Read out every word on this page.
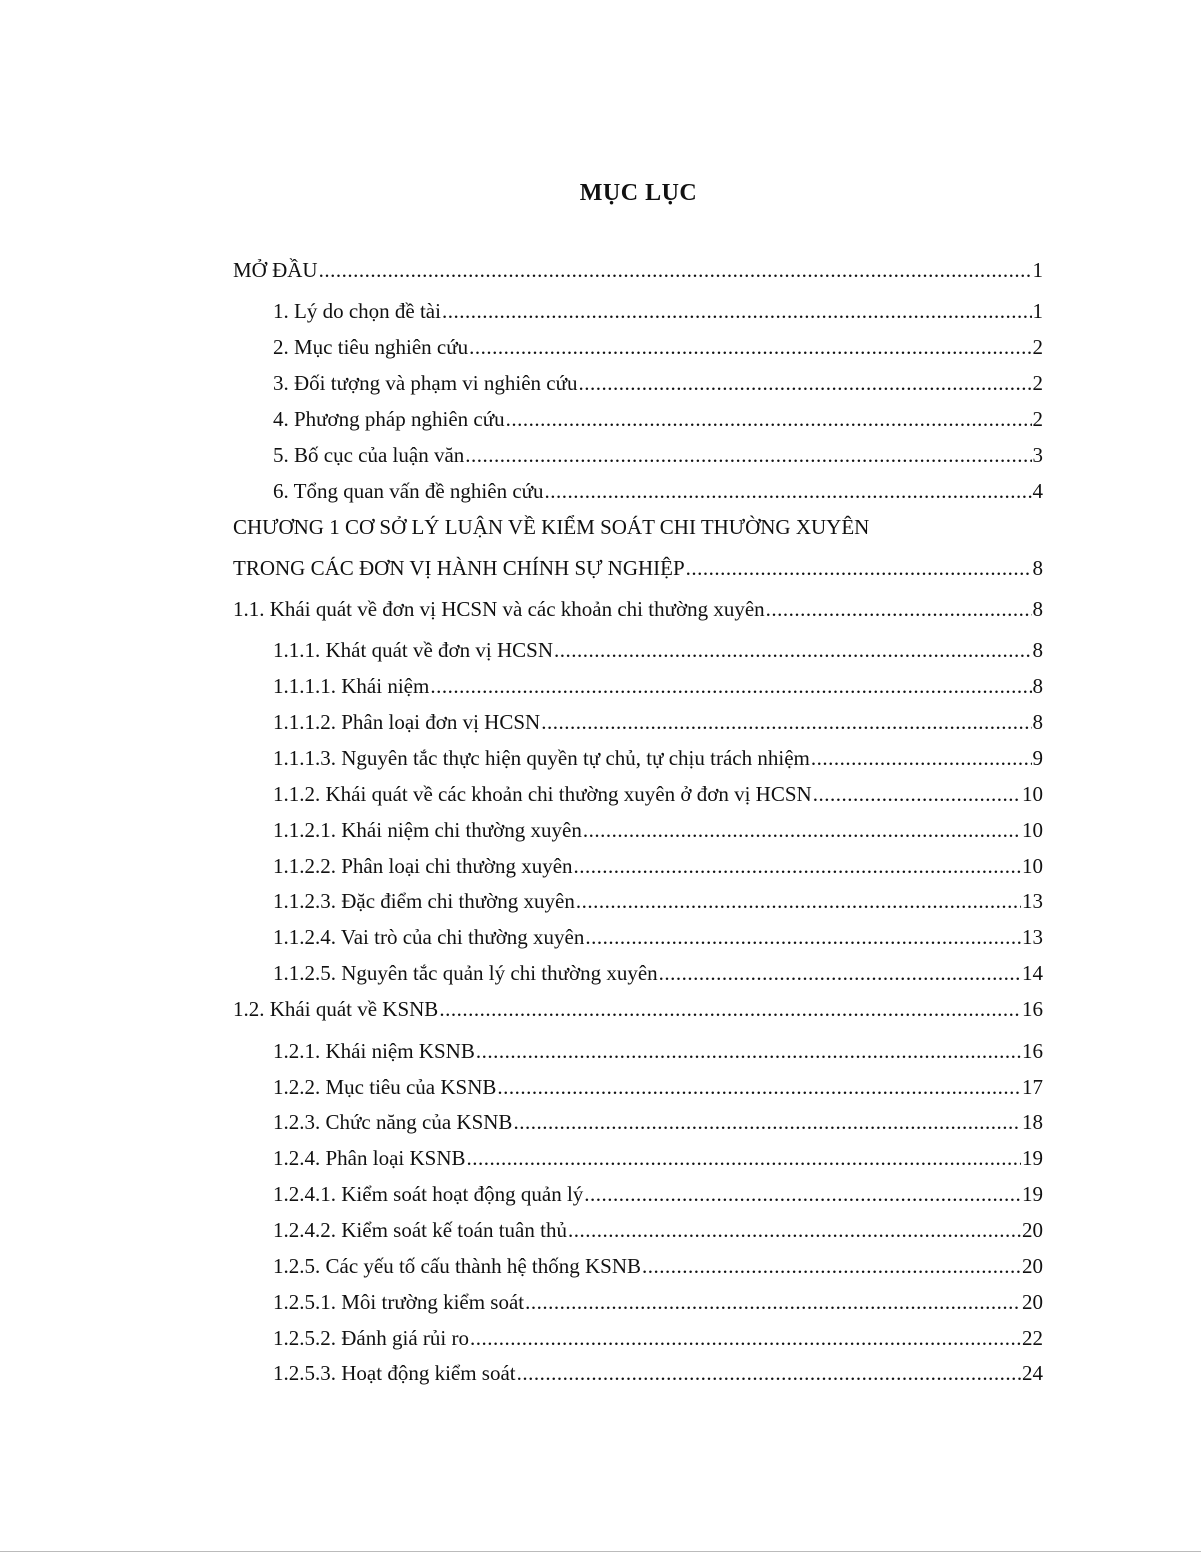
MỤC LỤC
MỞ ĐẦU .....	1
1. Lý do chọn đề tài .....	1
2. Mục tiêu nghiên cứu .....	2
3. Đối tượng và phạm vi nghiên cứu .....	2
4. Phương pháp nghiên cứu .....	2
5. Bố cục của luận văn .....	3
6. Tổng quan vấn đề nghiên cứu .....	4
CHƯƠNG 1 CƠ SỞ LÝ LUẬN VỀ KIỂM SOÁT CHI THƯỜNG XUYÊN
TRONG CÁC ĐƠN VỊ HÀNH CHÍNH SỰ NGHIỆP .....	8
1.1. Khái quát về đơn vị HCSN và các khoản chi thường xuyên .....	8
1.1.1. Khát quát về đơn vị HCSN .....	8
1.1.1.1. Khái niệm .....	8
1.1.1.2. Phân loại đơn vị HCSN .....	8
1.1.1.3. Nguyên tắc thực hiện quyền tự chủ, tự chịu trách nhiệm .....	9
1.1.2. Khái quát về các khoản chi thường xuyên ở đơn vị HCSN .....	10
1.1.2.1. Khái niệm chi thường xuyên .....	10
1.1.2.2. Phân loại chi thường xuyên .....	10
1.1.2.3. Đặc điểm chi thường xuyên .....	13
1.1.2.4. Vai trò của chi thường xuyên .....	13
1.1.2.5. Nguyên tắc quản lý chi thường xuyên .....	14
1.2. Khái quát về KSNB .....	16
1.2.1. Khái niệm KSNB .....	16
1.2.2. Mục tiêu của KSNB .....	17
1.2.3. Chức năng của KSNB .....	18
1.2.4. Phân loại KSNB .....	19
1.2.4.1. Kiểm soát hoạt động quản lý .....	19
1.2.4.2. Kiểm soát kế toán tuân thủ .....	20
1.2.5. Các yếu tố cấu thành hệ thống KSNB .....	20
1.2.5.1. Môi trường kiểm soát .....	20
1.2.5.2. Đánh giá rủi ro .....	22
1.2.5.3. Hoạt động kiểm soát .....	24
